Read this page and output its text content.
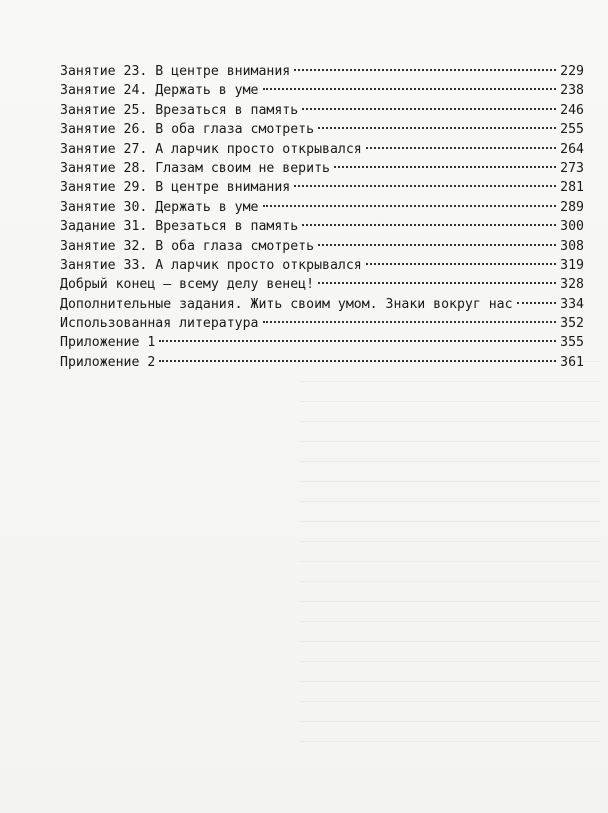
Занятие 23. В центре внимания	229
Занятие 24. Держать в уме	238
Занятие 25. Врезаться в память	246
Занятие 26. В оба глаза смотреть	255
Занятие 27. А ларчик просто открывался	264
Занятие 28. Глазам своим не верить	273
Занятие 29. В центре внимания	281
Занятие 30. Держать в уме	289
Задание 31. Врезаться в память	300
Занятие 32. В оба глаза смотреть	308
Занятие 33. А ларчик просто открывался	319
Добрый конец – всему делу венец!	328
Дополнительные задания. Жить своим умом. Знаки вокруг нас	334
Использованная литература	352
Приложение 1	355
Приложение 2	361
